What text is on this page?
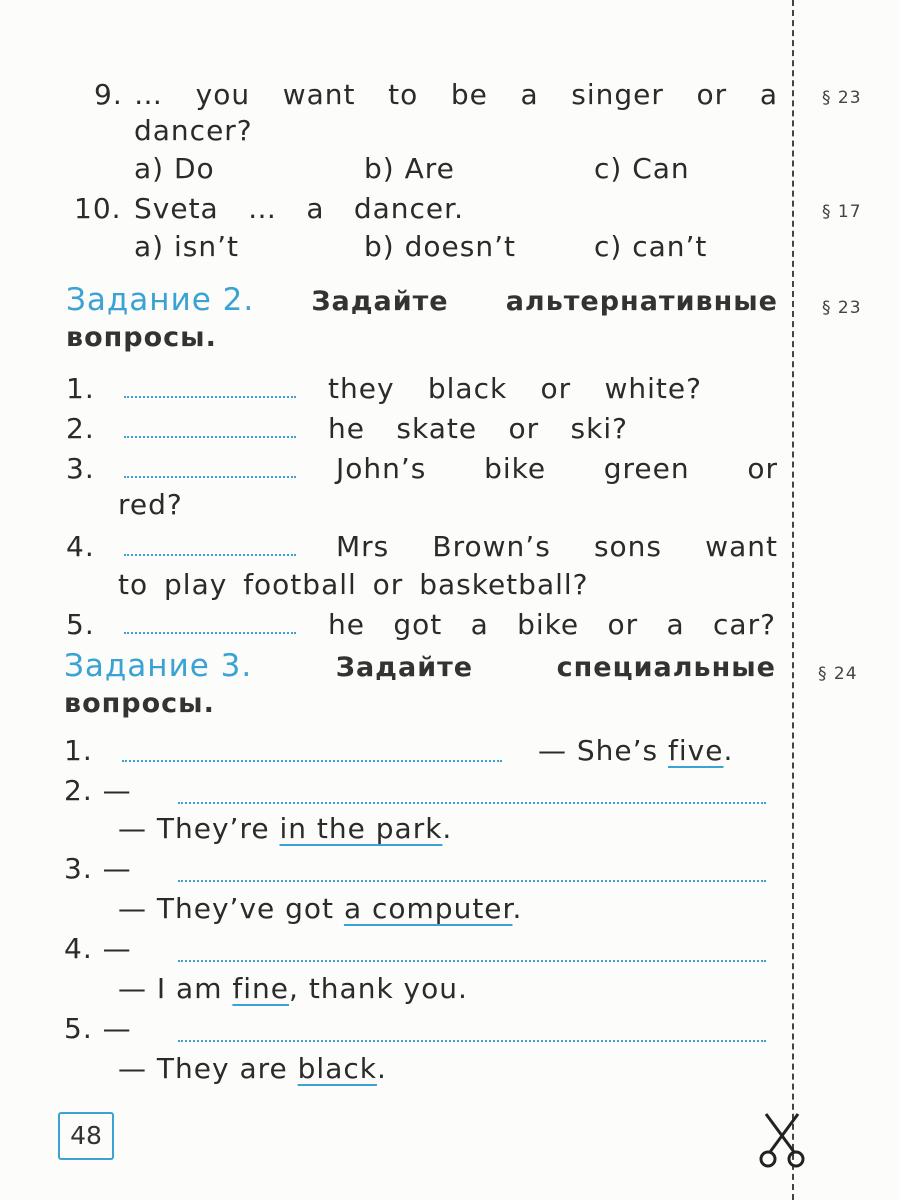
9. … you want to be a singer or a	§ 23
dancer?
a) Do	b) Are	c) Can
10. Sveta … a dancer.	§ 17
a) isn’t	b) doesn’t	c) can’t
Задание 2. Задайте альтернативные	§ 23
вопросы.
1.	they black or white?
2.	he skate or ski?
3.	John’s bike green or
red?
4.	Mrs Brown’s sons want
to play football or basketball?
5.	he got a bike or a car?
Задание 3.	Задайте	специальные § 24
вопросы.
1.	— She’s five.
2. —
— They’re in the park.
3. —
— They’ve got a computer.
4. —
— I am fine, thank you.
5. —
— They are black.
48
